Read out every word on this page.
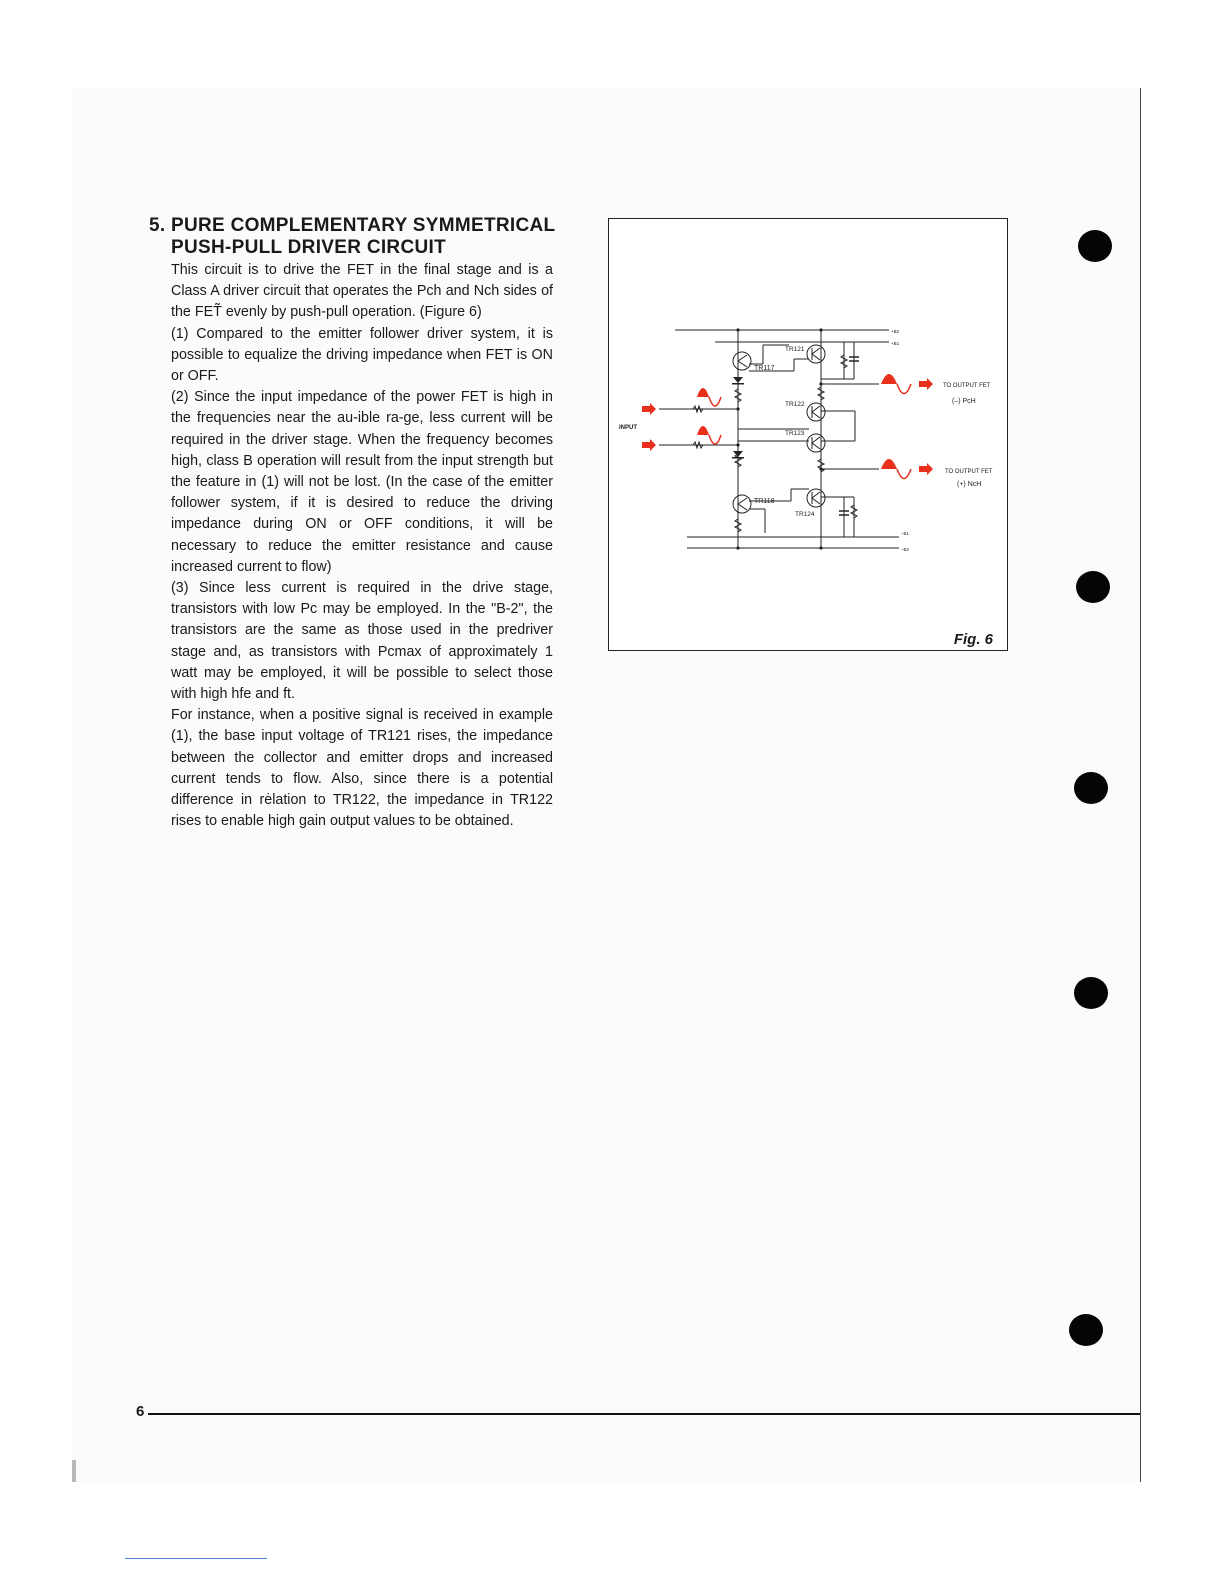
5. PURE COMPLEMENTARY SYMMETRICAL
PUSH-PULL DRIVER CIRCUIT

This circuit is to drive the FET in the final stage and is a Class A driver circuit that operates the Pch and Nch sides of the FET̃ evenly by push-pull operation. (Figure 6)

(1) Compared to the emitter follower driver system, it is possible to equalize the driving impedance when FET is ON or OFF.

(2) Since the input impedance of the power FET is high in the frequencies near the au-ible ra-ge, less current will be required in the driver stage. When the frequency becomes high, class B operation will result from the input strength but the feature in (1) will not be lost. (In the case of the emitter follower system, if it is desired to reduce the driving impedance during ON or OFF conditions, it will be necessary to reduce the emitter resistance and cause increased current to flow)

(3) Since less current is required in the drive stage, transistors with low Pc may be employed. In the "B-2", the transistors are the same as those used in the predriver stage and, as transistors with Pcmax of approximately 1 watt may be employed, it will be possible to select those with high hfe and ft.

For instance, when a positive signal is received in example (1), the base input voltage of TR121 rises, the impedance between the collector and emitter drops and increased current tends to flow. Also, since there is a potential difference in rėlation to TR122, the impedance in TR122 rises to enable high gain output values to be obtained.

INPUT
TR117
TR121
TR122
TR123
TR118
TR124
+B2
+B1
–B1
–B2
TO OUTPUT FET
(–) PcH
TO OUTPUT FET
(+) NcH
Fig. 6
6
